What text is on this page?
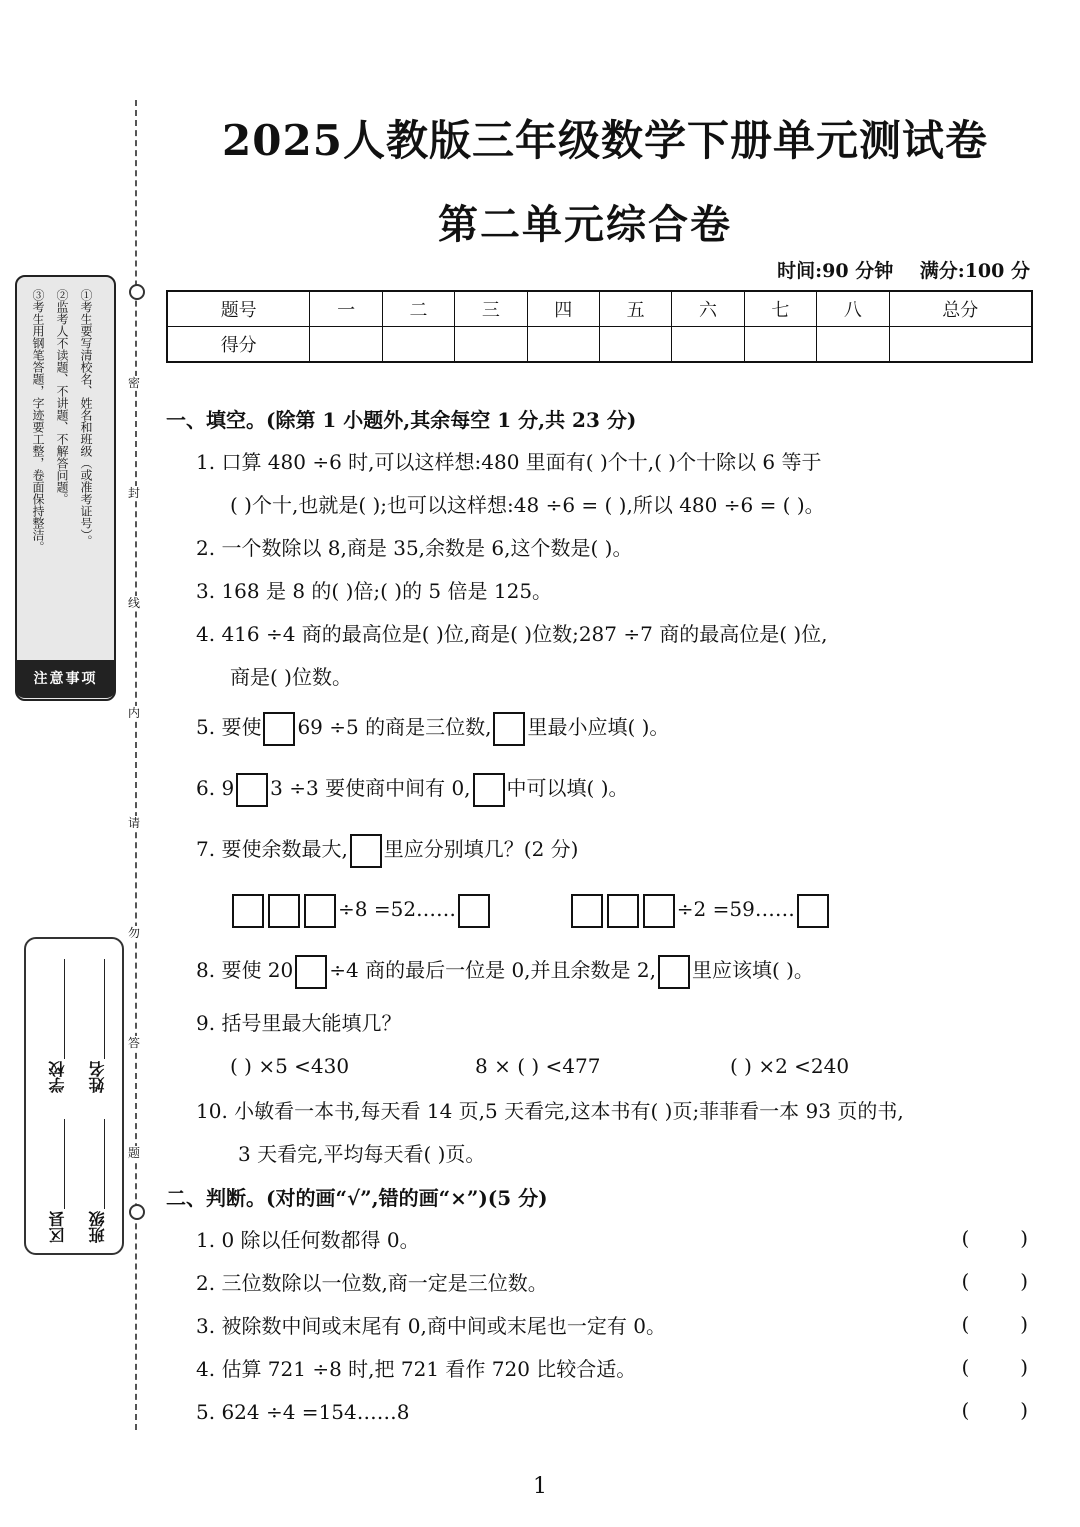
密
封
线
内
请
勿
答
题
①考生要写清校名、姓名和班级（或准考证号）。
②监考人不读题、不讲题、不解答问题。
③考生用钢笔答题，字迹要工整，卷面保持整洁。
注意事项
学校 姓名
区县 班级
2025人教版三年级数学下册单元测试卷
第二单元综合卷
时间:90 分钟    满分:100 分
题号	一	二	三	四	五	六	七	八	总分
得分									
一、填空。(除第 1 小题外,其余每空 1 分,共 23 分)
1. 口算 480 ÷6 时,可以这样想:480 里面有( )个十,( )个十除以 6 等于
( )个十,也就是( );也可以这样想:48 ÷6 = ( ),所以 480 ÷6 = ( )。
2. 一个数除以 8,商是 35,余数是 6,这个数是( )。
3. 168 是 8 的( )倍;( )的 5 倍是 125。
4. 416 ÷4 商的最高位是( )位,商是( )位数;287 ÷7 商的最高位是( )位,
商是( )位数。
5. 要使 69 ÷5 的商是三位数, 里最小应填( )。
6. 9 3 ÷3 要使商中间有 0, 中可以填( )。
7. 要使余数最大, 里应分别填几？(2 分)
÷8 =52……	÷2 =59……
8. 要使 20 ÷4 商的最后一位是 0,并且余数是 2, 里应该填( )。
9. 括号里最大能填几？
( ) ×5 <430	8 × ( ) <477	( ) ×2 <240
10. 小敏看一本书,每天看 14 页,5 天看完,这本书有( )页;菲菲看一本 93 页的书,
3 天看完,平均每天看( )页。
二、判断。(对的画“√”,错的画“×”)(5 分)
1. 0 除以任何数都得 0。	(        )
2. 三位数除以一位数,商一定是三位数。	(        )
3. 被除数中间或末尾有 0,商中间或末尾也一定有 0。	(        )
4. 估算 721 ÷8 时,把 721 看作 720 比较合适。	(        )
5. 624 ÷4 =154……8	(        )
1
